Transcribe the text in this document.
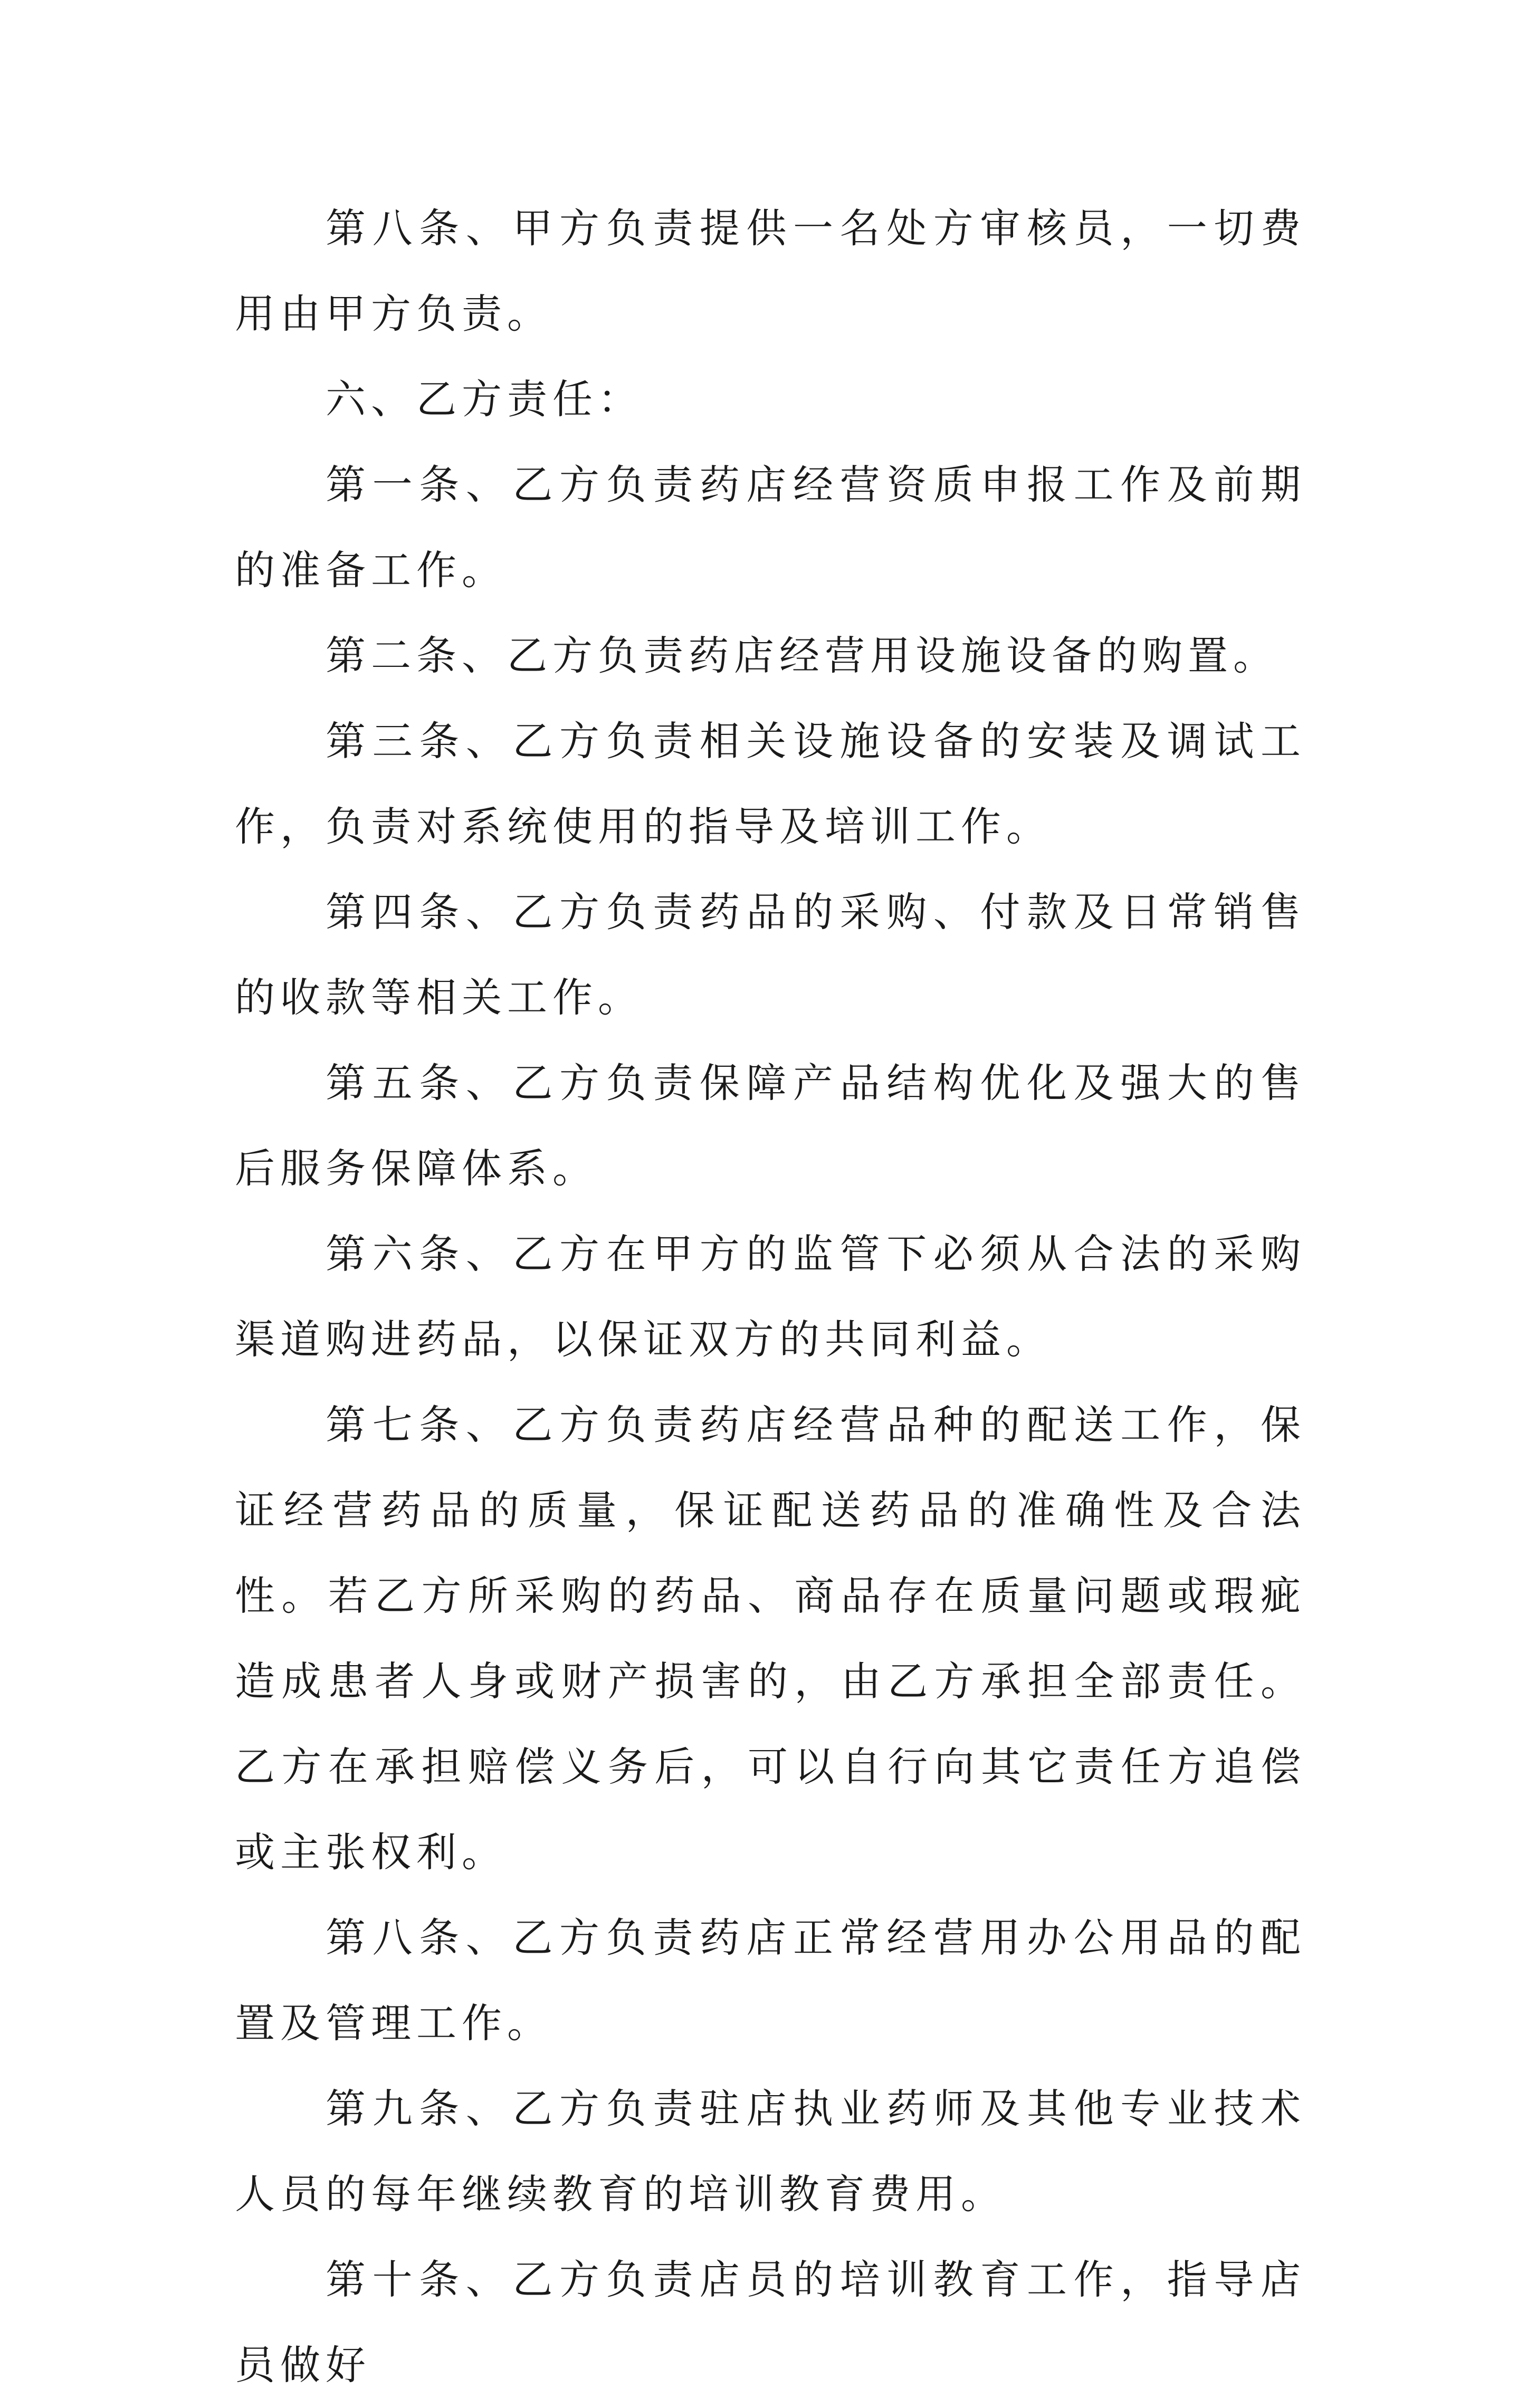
第八条、甲方负责提供一名处方审核员，一切费用由甲方负责。

六、乙方责任：

第一条、乙方负责药店经营资质申报工作及前期的准备工作。

第二条、乙方负责药店经营用设施设备的购置。

第三条、乙方负责相关设施设备的安装及调试工作，负责对系统使用的指导及培训工作。

第四条、乙方负责药品的采购、付款及日常销售的收款等相关工作。

第五条、乙方负责保障产品结构优化及强大的售后服务保障体系。

第六条、乙方在甲方的监管下必须从合法的采购渠道购进药品，以保证双方的共同利益。

第七条、乙方负责药店经营品种的配送工作，保证经营药品的质量，保证配送药品的准确性及合法性。若乙方所采购的药品、商品存在质量问题或瑕疵造成患者人身或财产损害的，由乙方承担全部责任。乙方在承担赔偿义务后，可以自行向其它责任方追偿或主张权利。

第八条、乙方负责药店正常经营用办公用品的配置及管理工作。

第九条、乙方负责驻店执业药师及其他专业技术人员的每年继续教育的培训教育费用。

第十条、乙方负责店员的培训教育工作，指导店员做好
